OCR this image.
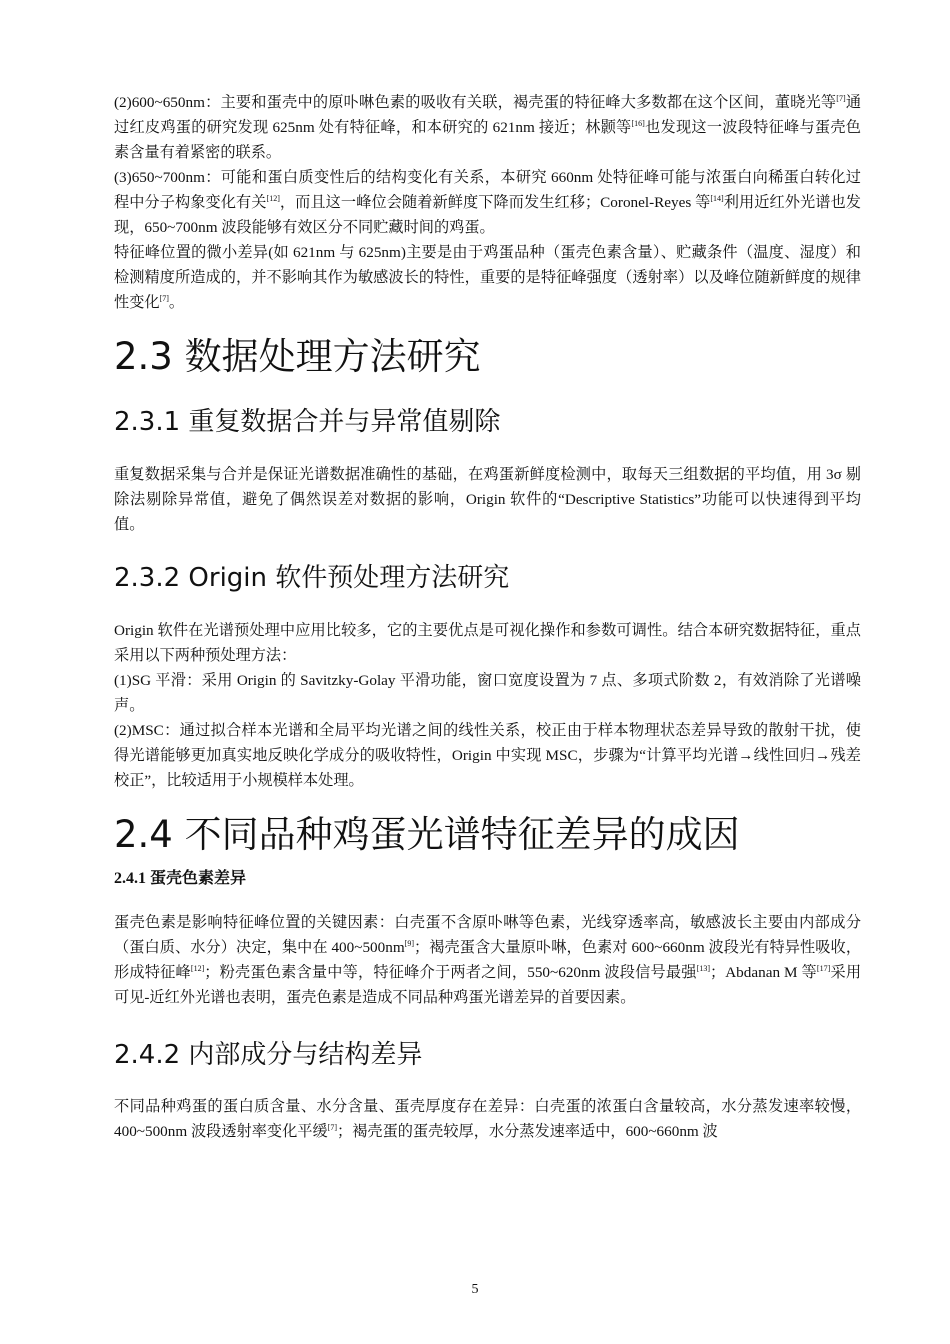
(2)600~650nm：主要和蛋壳中的原卟啉色素的吸收有关联，褐壳蛋的特征峰大多数都在这个区间，董晓光等[7]通过红皮鸡蛋的研究发现 625nm 处有特征峰，和本研究的 621nm 接近；林颢等[16]也发现这一波段特征峰与蛋壳色素含量有着紧密的联系。

(3)650~700nm：可能和蛋白质变性后的结构变化有关系，本研究 660nm 处特征峰可能与浓蛋白向稀蛋白转化过程中分子构象变化有关[12]，而且这一峰位会随着新鲜度下降而发生红移；Coronel-Reyes 等[14]利用近红外光谱也发现，650~700nm 波段能够有效区分不同贮藏时间的鸡蛋。

特征峰位置的微小差异(如 621nm 与 625nm)主要是由于鸡蛋品种（蛋壳色素含量）、贮藏条件（温度、湿度）和检测精度所造成的，并不影响其作为敏感波长的特性，重要的是特征峰强度（透射率）以及峰位随新鲜度的规律性变化[7]。

2.3 数据处理方法研究
2.3.1 重复数据合并与异常值剔除

重复数据采集与合并是保证光谱数据准确性的基础，在鸡蛋新鲜度检测中，取每天三组数据的平均值，用 3σ 剔除法剔除异常值，避免了偶然误差对数据的影响，Origin 软件的“Descriptive Statistics”功能可以快速得到平均值。

2.3.2 Origin 软件预处理方法研究

Origin 软件在光谱预处理中应用比较多，它的主要优点是可视化操作和参数可调性。结合本研究数据特征，重点采用以下两种预处理方法：

(1)SG 平滑：采用 Origin 的 Savitzky-Golay 平滑功能，窗口宽度设置为 7 点、多项式阶数 2，有效消除了光谱噪声。

(2)MSC：通过拟合样本光谱和全局平均光谱之间的线性关系，校正由于样本物理状态差异导致的散射干扰，使得光谱能够更加真实地反映化学成分的吸收特性，Origin 中实现 MSC，步骤为“计算平均光谱→线性回归→残差校正”，比较适用于小规模样本处理。

2.4 不同品种鸡蛋光谱特征差异的成因
2.4.1 蛋壳色素差异

蛋壳色素是影响特征峰位置的关键因素：白壳蛋不含原卟啉等色素，光线穿透率高，敏感波长主要由内部成分（蛋白质、水分）决定，集中在 400~500nm[9]；褐壳蛋含大量原卟啉，色素对 600~660nm 波段光有特异性吸收，形成特征峰[12]；粉壳蛋色素含量中等，特征峰介于两者之间，550~620nm 波段信号最强[13]；Abdanan M 等[17]采用可见-近红外光谱也表明，蛋壳色素是造成不同品种鸡蛋光谱差异的首要因素。

2.4.2 内部成分与结构差异

不同品种鸡蛋的蛋白质含量、水分含量、蛋壳厚度存在差异：白壳蛋的浓蛋白含量较高，水分蒸发速率较慢，400~500nm 波段透射率变化平缓[7]；褐壳蛋的蛋壳较厚，水分蒸发速率适中，600~660nm 波

5
